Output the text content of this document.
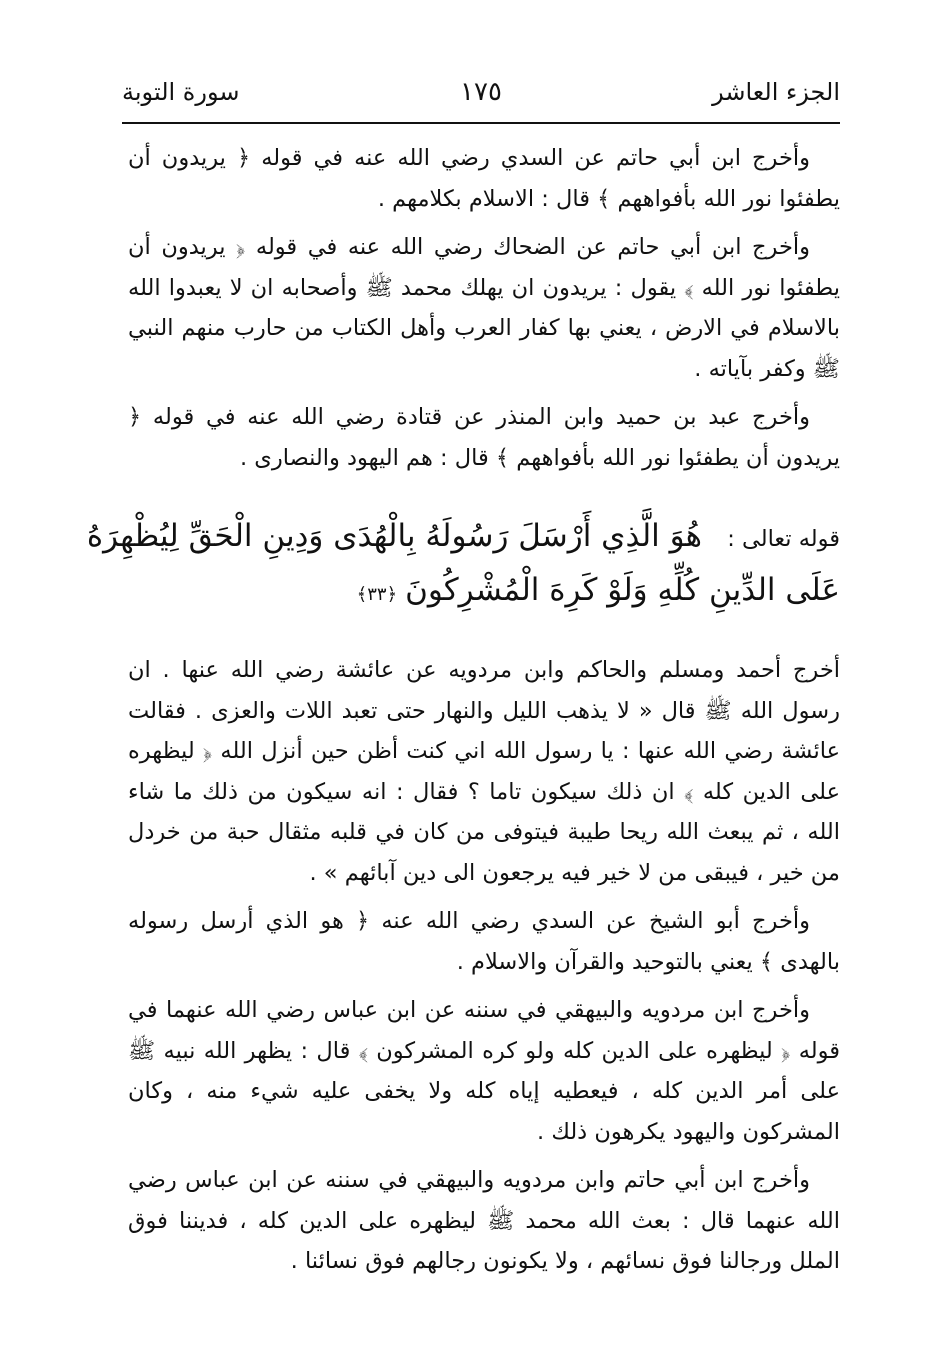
الجزء العاشر
١٧٥
سورة التوبة

وأخرج ابن أبي حاتم عن السدي رضي الله عنه في قوله ﴿ يريدون أن يطفئوا نور الله بأفواههم ﴾ قال : الاسلام بكلامهم .

وأخرج ابن أبي حاتم عن الضحاك رضي الله عنه في قوله ﴿ يريدون أن يطفئوا نور الله ﴾ يقول : يريدون ان يهلك محمد ﷺ وأصحابه ان لا يعبدوا الله بالاسلام في الارض ، يعني بها كفار العرب وأهل الكتاب من حارب منهم النبي ﷺ وكفر بآياته .

وأخرج عبد بن حميد وابن المنذر عن قتادة رضي الله عنه في قوله ﴿ يريدون أن يطفئوا نور الله بأفواههم ﴾ قال : هم اليهود والنصارى .

قوله تعالى :
هُوَ الَّذِي أَرْسَلَ رَسُولَهُ بِالْهُدَى وَدِينِ الْحَقِّ لِيُظْهِرَهُ
عَلَى الدِّينِ كُلِّهِ وَلَوْ كَرِهَ الْمُشْرِكُونَ﴿٣٣﴾

أخرج أحمد ومسلم والحاكم وابن مردويه عن عائشة رضي الله عنها . ان رسول الله ﷺ قال « لا يذهب الليل والنهار حتى تعبد اللات والعزى . فقالت عائشة رضي الله عنها : يا رسول الله اني كنت أظن حين أنزل الله ﴿ ليظهره على الدين كله ﴾ ان ذلك سيكون تاما ؟ فقال : انه سيكون من ذلك ما شاء الله ، ثم يبعث الله ريحا طيبة فيتوفى من كان في قلبه مثقال حبة من خردل من خير ، فيبقى من لا خير فيه يرجعون الى دين آبائهم » .

وأخرج أبو الشيخ عن السدي رضي الله عنه ﴿ هو الذي أرسل رسوله بالهدى ﴾ يعني بالتوحيد والقرآن والاسلام .

وأخرج ابن مردويه والبيهقي في سننه عن ابن عباس رضي الله عنهما في قوله ﴿ ليظهره على الدين كله ولو كره المشركون ﴾ قال : يظهر الله نبيه ﷺ على أمر الدين كله ، فيعطيه إياه كله ولا يخفى عليه شيء منه ، وكان المشركون واليهود يكرهون ذلك .

وأخرج ابن أبي حاتم وابن مردويه والبيهقي في سننه عن ابن عباس رضي الله عنهما قال : بعث الله محمد ﷺ ليظهره على الدين كله ، فديننا فوق الملل ورجالنا فوق نسائهم ، ولا يكونون رجالهم فوق نسائنا .
